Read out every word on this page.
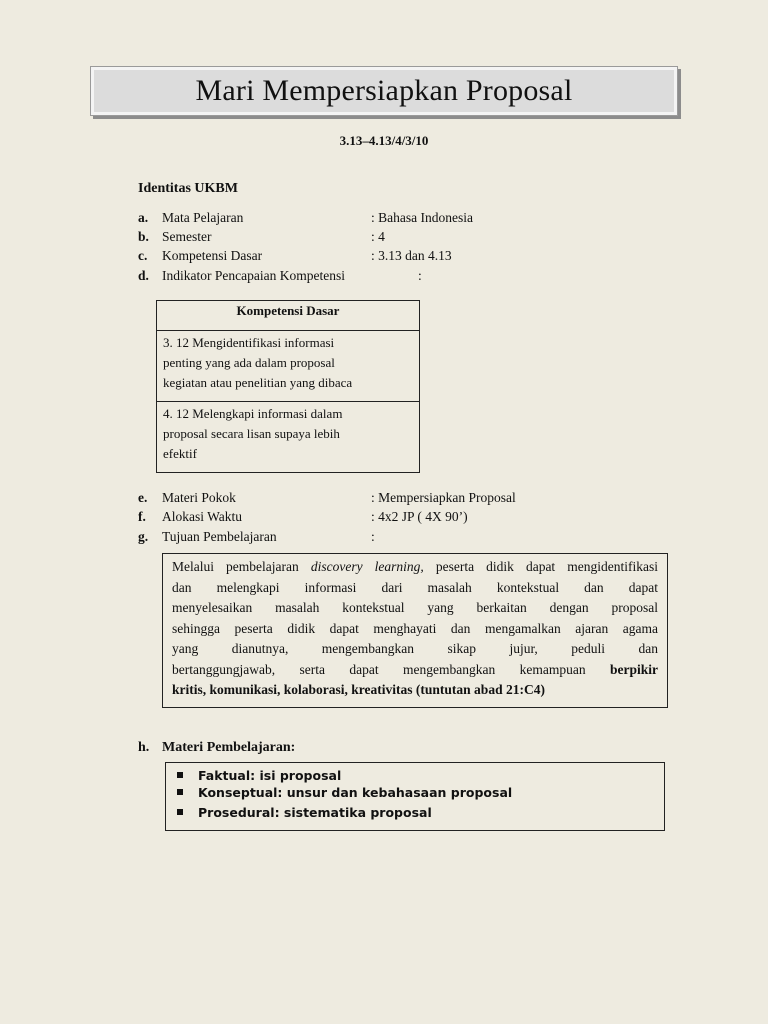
Mari Mempersiapkan Proposal
3.13–4.13/4/3/10
Identitas UKBM
a. Mata Pelajaran	: Bahasa Indonesia
b. Semester	: 4
c. Kompetensi Dasar	: 3.13 dan 4.13
d. Indikator Pencapaian Kompetensi	:
Kompetensi Dasar
3. 12 Mengidentifikasi informasi
penting yang ada dalam proposal
kegiatan atau penelitian yang dibaca
4. 12 Melengkapi informasi dalam
proposal secara lisan supaya lebih
efektif
e. Materi Pokok	: Mempersiapkan Proposal
f. Alokasi Waktu	: 4x2 JP ( 4X 90’)
g. Tujuan Pembelajaran	:
Melalui pembelajaran discovery learning, peserta didik dapat mengidentifikasi
dan melengkapi informasi dari masalah kontekstual dan dapat
menyelesaikan masalah kontekstual yang berkaitan dengan proposal
sehingga peserta didik dapat menghayati dan mengamalkan ajaran agama
yang dianutnya, mengembangkan sikap jujur, peduli dan
bertanggungjawab, serta dapat mengembangkan kemampuan berpikir
kritis, komunikasi, kolaborasi, kreativitas (tuntutan abad 21:C4)
h. Materi Pembelajaran:
Faktual: isi proposal
Konseptual: unsur dan kebahasaan proposal
Prosedural: sistematika proposal
